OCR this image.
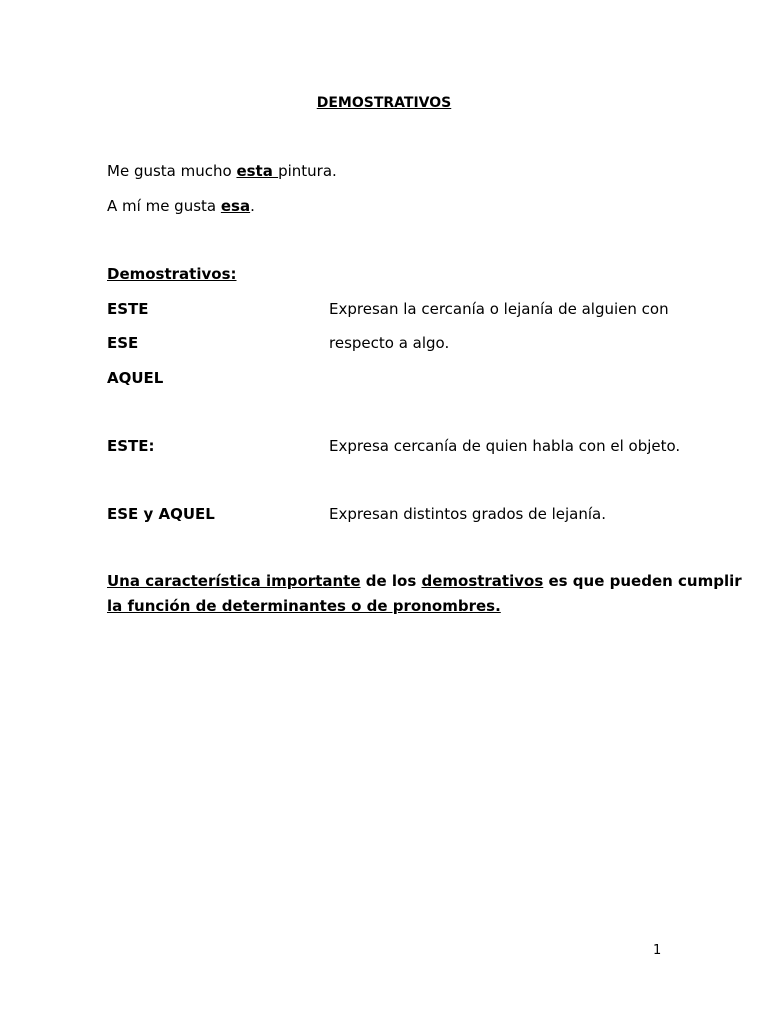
DEMOSTRATIVOS
Me gusta mucho esta pintura.
A mí me gusta esa.
Demostrativos:
ESTE
ESE
AQUEL
Expresan la cercanía o lejanía de alguien con
respecto a algo.
ESTE:	Expresa cercanía de quien habla con el objeto.
ESE y AQUEL	Expresan distintos grados de lejanía.
Una característica importante de los demostrativos es que pueden cumplir
la función de determinantes o de pronombres.
1
